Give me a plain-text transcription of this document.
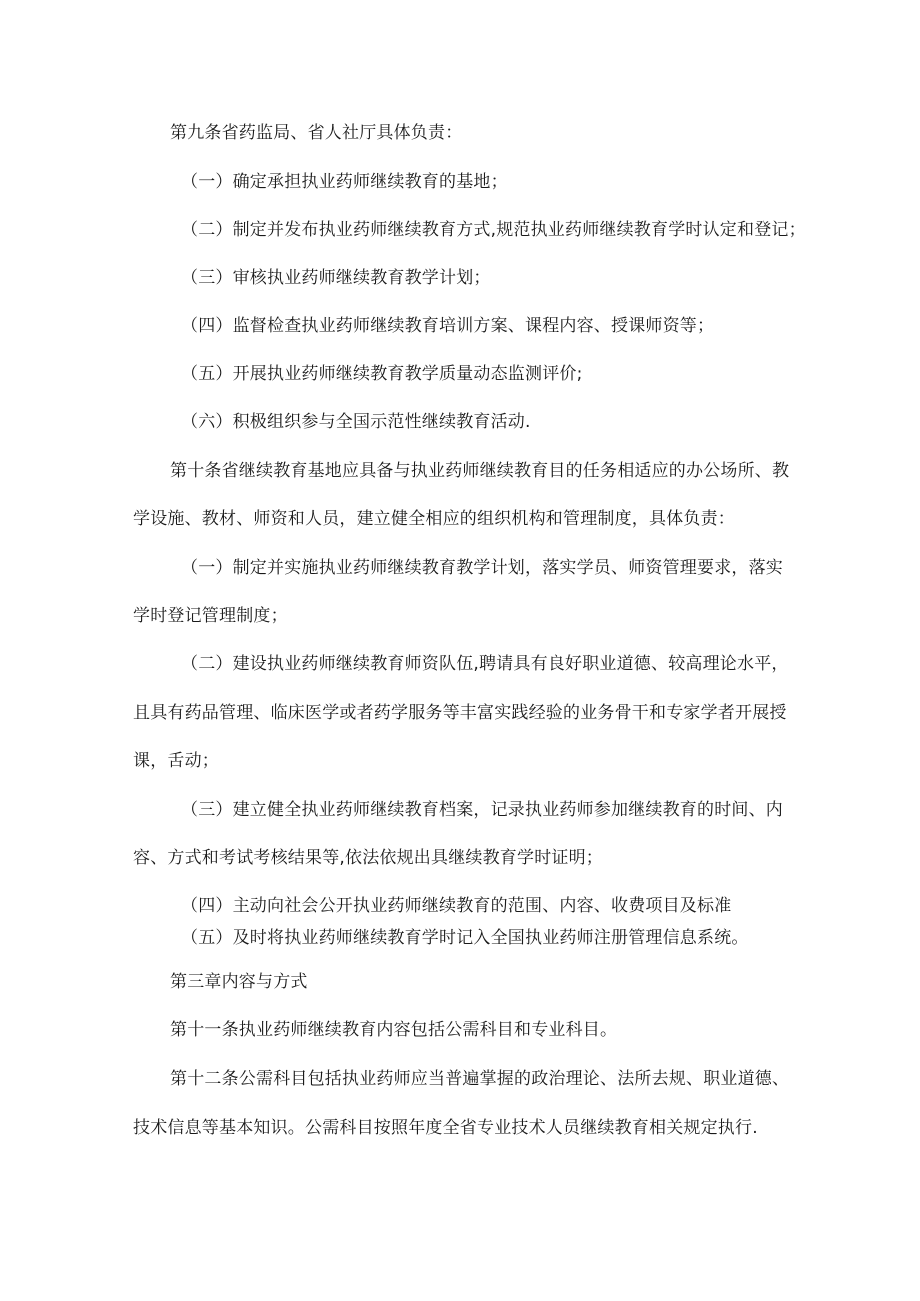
第九条省药监局、省人社厅具体负责：
（一）确定承担执业药师继续教育的基地；
（二）制定并发布执业药师继续教育方式,规范执业药师继续教育学时认定和登记；
（三）审核执业药师继续教育教学计划；
（四）监督检查执业药师继续教育培训方案、课程内容、授课师资等；
（五）开展执业药师继续教育教学质量动态监测评价;
（六）积极组织参与全国示范性继续教育活动.
第十条省继续教育基地应具备与执业药师继续教育目的任务相适应的办公场所、教
学设施、教材、师资和人员，建立健全相应的组织机构和管理制度，具体负责：
（一）制定并实施执业药师继续教育教学计划，落实学员、师资管理要求，落实
学时登记管理制度；
（二）建设执业药师继续教育师资队伍,聘请具有良好职业道德、较高理论水平，
且具有药品管理、临床医学或者药学服务等丰富实践经验的业务骨干和专家学者开展授
课，舌动；
（三）建立健全执业药师继续教育档案，记录执业药师参加继续教育的时间、内
容、方式和考试考核结果等,依法依规出具继续教育学时证明；
（四）主动向社会公开执业药师继续教育的范围、内容、收费项目及标准
（五）及时将执业药师继续教育学时记入全国执业药师注册管理信息系统。
第三章内容与方式
第十一条执业药师继续教育内容包括公需科目和专业科目。
第十二条公需科目包括执业药师应当普遍掌握的政治理论、法所去规、职业道德、
技术信息等基本知识。公需科目按照年度全省专业技术人员继续教育相关规定执行.
